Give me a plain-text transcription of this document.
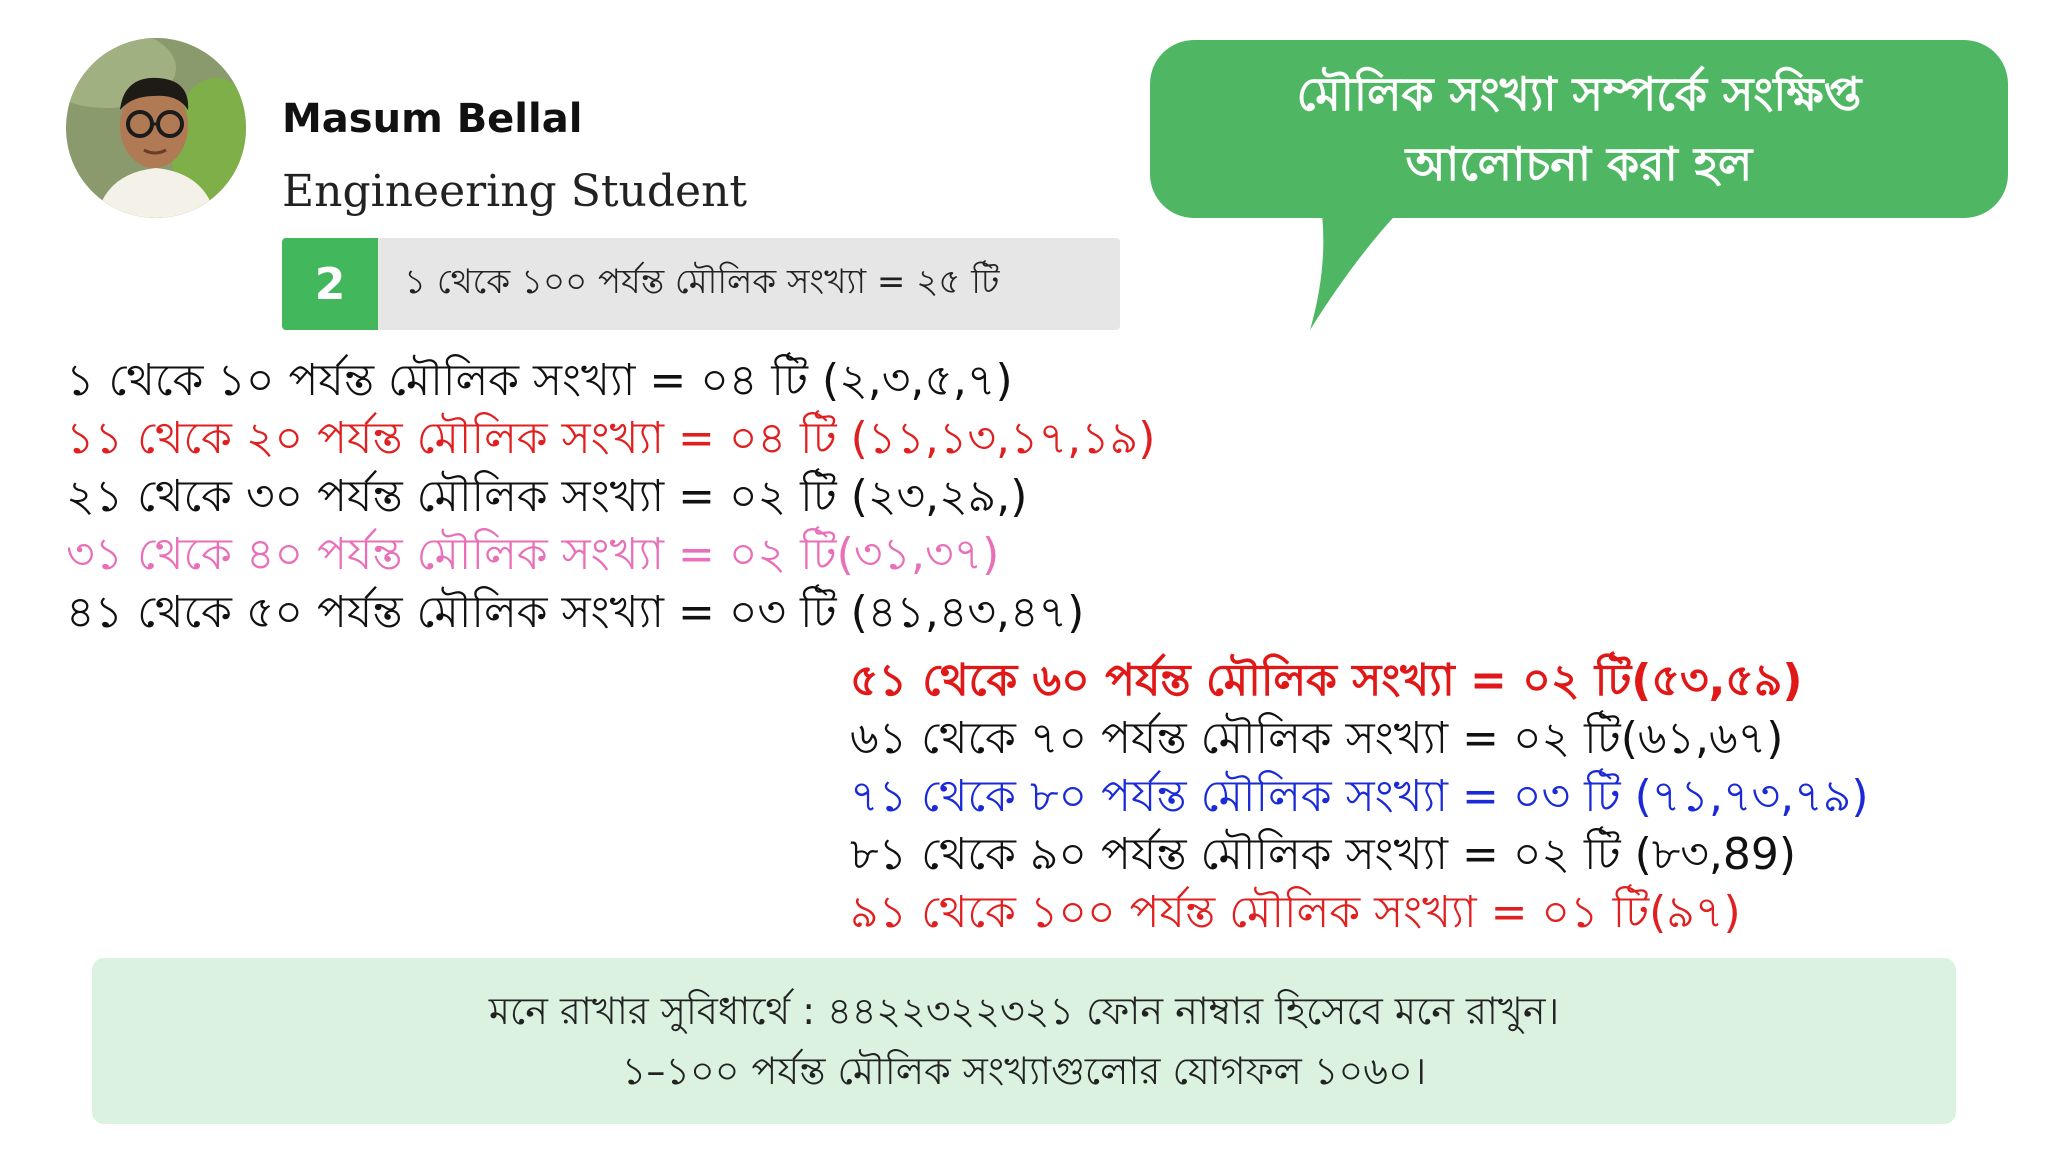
Masum Bellal
Engineering Student
2	১ থেকে ১০০ পর্যন্ত মৌলিক সংখ্যা = ২৫ টি
মৌলিক সংখ্যা সম্পর্কে সংক্ষিপ্ত
আলোচনা করা হল
১ থেকে ১০ পর্যন্ত মৌলিক সংখ্যা = ০৪ টি (২,৩,৫,৭)
১১ থেকে ২০ পর্যন্ত মৌলিক সংখ্যা = ০৪ টি (১১,১৩,১৭,১৯)
২১ থেকে ৩০ পর্যন্ত মৌলিক সংখ্যা = ০২ টি (২৩,২৯,)
৩১ থেকে ৪০ পর্যন্ত মৌলিক সংখ্যা = ০২ টি(৩১,৩৭)
৪১ থেকে ৫০ পর্যন্ত মৌলিক সংখ্যা = ০৩ টি (৪১,৪৩,৪৭)
৫১ থেকে ৬০ পর্যন্ত মৌলিক সংখ্যা = ০২ টি(৫৩,৫৯)
৬১ থেকে ৭০ পর্যন্ত মৌলিক সংখ্যা = ০২ টি(৬১,৬৭)
৭১ থেকে ৮০ পর্যন্ত মৌলিক সংখ্যা = ০৩ টি (৭১,৭৩,৭৯)
৮১ থেকে ৯০ পর্যন্ত মৌলিক সংখ্যা = ০২ টি (৮৩,89)
৯১ থেকে ১০০ পর্যন্ত মৌলিক সংখ্যা = ০১ টি(৯৭)
মনে রাখার সুবিধার্থে : ৪৪২২৩২২৩২১ ফোন নাম্বার হিসেবে মনে রাখুন।
১–১০০ পর্যন্ত মৌলিক সংখ্যাগুলোর যোগফল ১০৬০।
